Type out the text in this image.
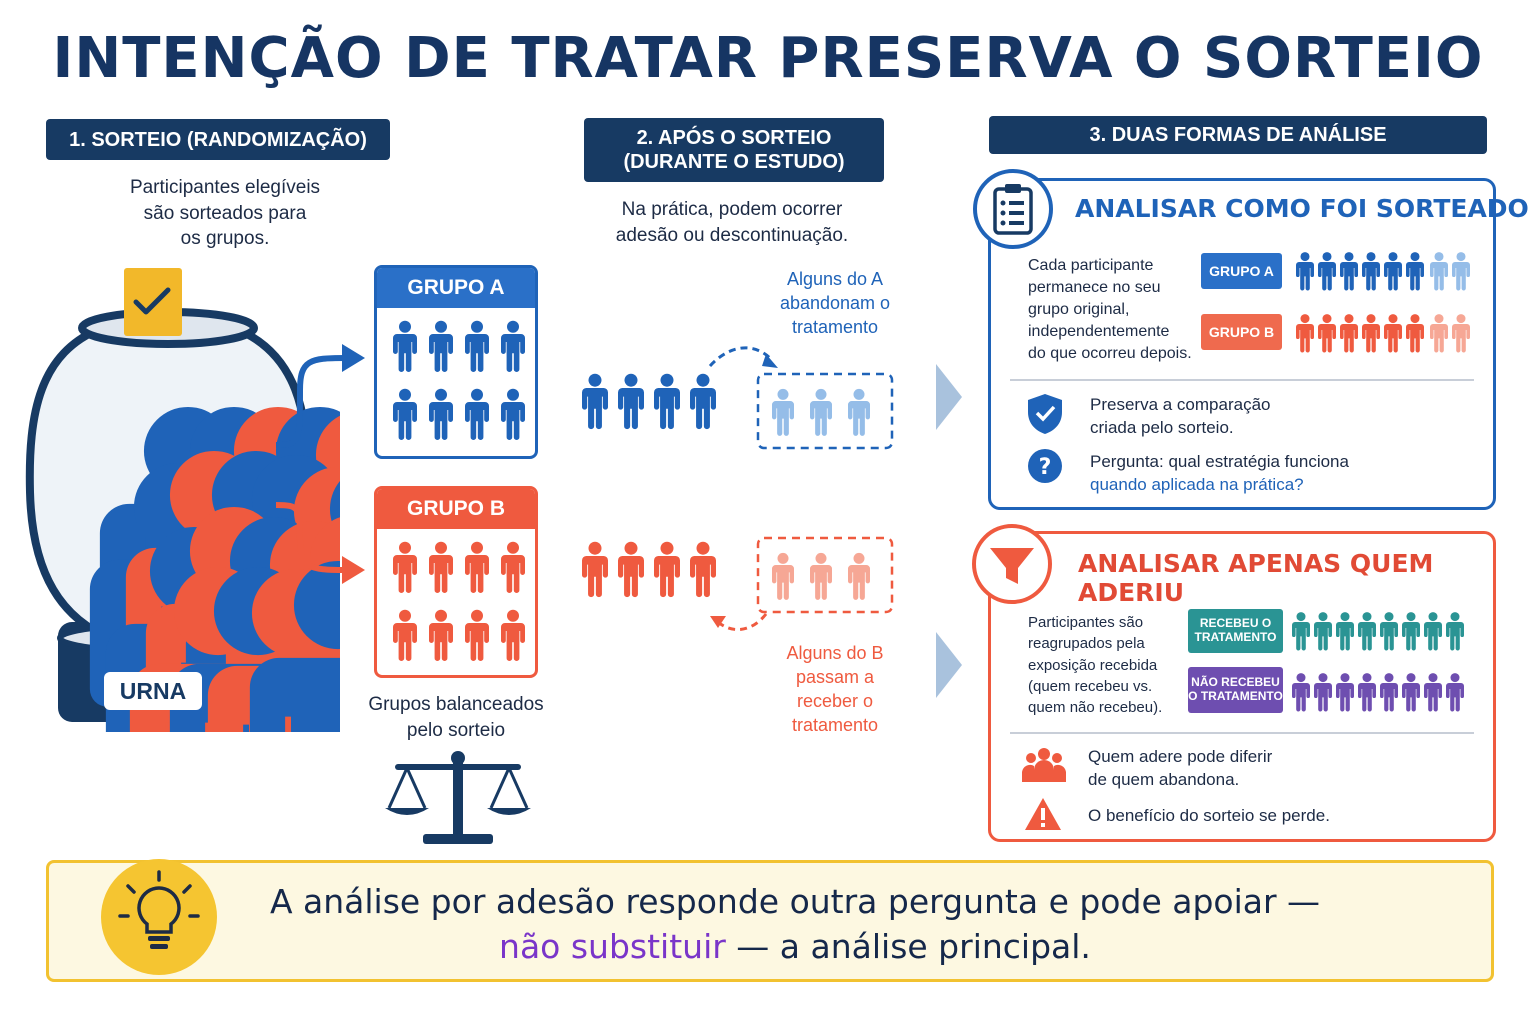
INTENÇÃO DE TRATAR PRESERVA O SORTEIO
1. SORTEIO (RANDOMIZAÇÃO)
Participantes elegíveis
são sorteados para
os grupos.
URNA
GRUPO A
GRUPO B
Grupos balanceados
pelo sorteio
2. APÓS O SORTEIO
(DURANTE O ESTUDO)
Na prática, podem ocorrer
adesão ou descontinuação.
Alguns do A
abandonam o
tratamento
Alguns do B
passam a
receber o
tratamento
3. DUAS FORMAS DE ANÁLISE
ANALISAR COMO FOI SORTEADO
Cada participante
permanece no seu
grupo original,
independentemente
do que ocorreu depois.
GRUPO A
GRUPO B
Preserva a comparação
criada pelo sorteio.
? Pergunta: qual estratégia funciona
quando aplicada na prática?
ANALISAR APENAS QUEM ADERIU
Participantes são
reagrupados pela
exposição recebida
(quem recebeu vs.
quem não recebeu).
RECEBEU O
TRATAMENTO
NÃO RECEBEU
O TRATAMENTO
Quem adere pode diferir
de quem abandona.
O benefício do sorteio se perde.
A análise por adesão responde outra pergunta e pode apoiar —
não substituir — a análise principal.
